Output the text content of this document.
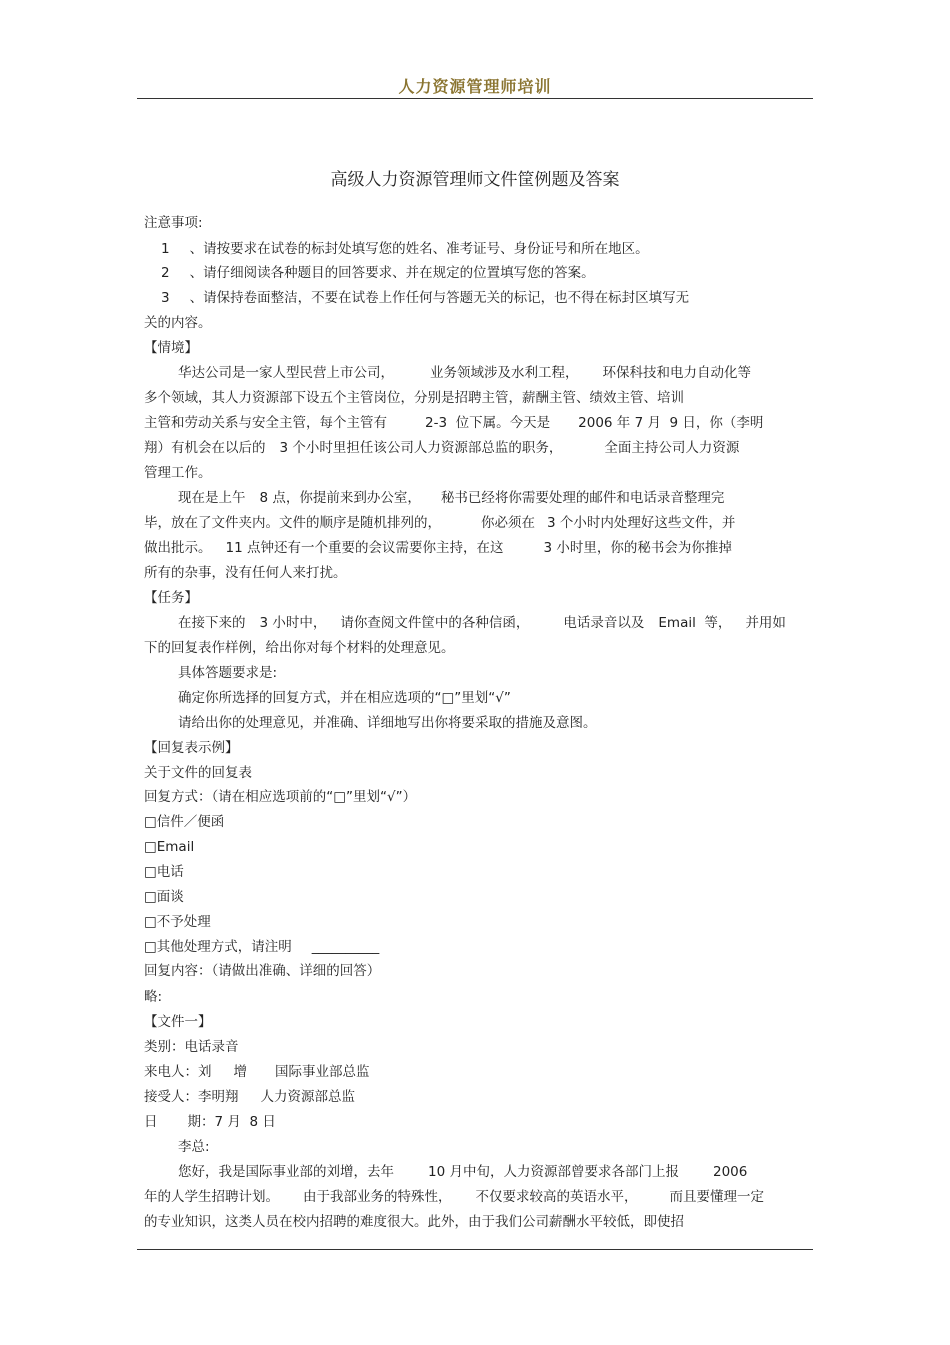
人力资源管理师培训
高级人力资源管理师文件筐例题及答案
注意事项:
1 、请按要求在试卷的标封处填写您的姓名、准考证号、身份证号和所在地区。
2 、请仔细阅读各种题目的回答要求、并在规定的位置填写您的答案。
3 、请保持卷面整洁，不要在试卷上作任何与答题无关的标记，也不得在标封区填写无
关的内容。
【情境】
华达公司是一家人型民营上市公司，	业务领域涉及水利工程， 环保科技和电力自动化等
多个领域，其人力资源部下设五个主管岗位，分别是招聘主管，薪酬主管、绩效主管、培训
主管和劳动关系与安全主管，每个主管有	2-3  位下属。今天是 2006 年 7 月  9 日，你（李明
翔）有机会在以后的 3 个小时里担任该公司人力资源部总监的职务，	全面主持公司人力资源
管理工作。
现在是上午 8 点，你提前来到办公室， 秘书已经将你需要处理的邮件和电话录音整理完
毕，放在了文件夹内。文件的顺序是随机排列的，	你必须在 3 个小时内处理好这些文件，并
做出批示。 11 点钟还有一个重要的会议需要你主持，在这	3 小时里，你的秘书会为你推掉
所有的杂事，没有任何人来打扰。
【任务】
在接下来的 3 小时中， 请你查阅文件筐中的各种信函，	电话录音以及 Email  等， 并用如
下的回复表作样例，给出你对每个材料的处理意见。
具体答题要求是:
确定你所选择的回复方式，并在相应选项的“□”里划“√”
请给出你的处理意见，并准确、详细地写出你将要采取的措施及意图。
【回复表示例】
关于文件的回复表
回复方式：（请在相应选项前的“□”里划“√”）
□信件／便函
□Email
□电话
□面谈
□不予处理
□其他处理方式，请注明 __________
回复内容：（请做出准确、详细的回答）
略:
【文件一】
类别：电话录音
来电人：刘 增 国际事业部总监
接受人：李明翔 人力资源部总监
日 期：7 月  8 日
李总:
您好，我是国际事业部的刘增，去年	10 月中旬，人力资源部曾要求各部门上报	2006
年的人学生招聘计划。 由于我部业务的特殊性， 不仅要求较高的英语水平， 而且要懂理一定
的专业知识，这类人员在校内招聘的难度很大。此外，由于我们公司薪酬水平较低，即使招
